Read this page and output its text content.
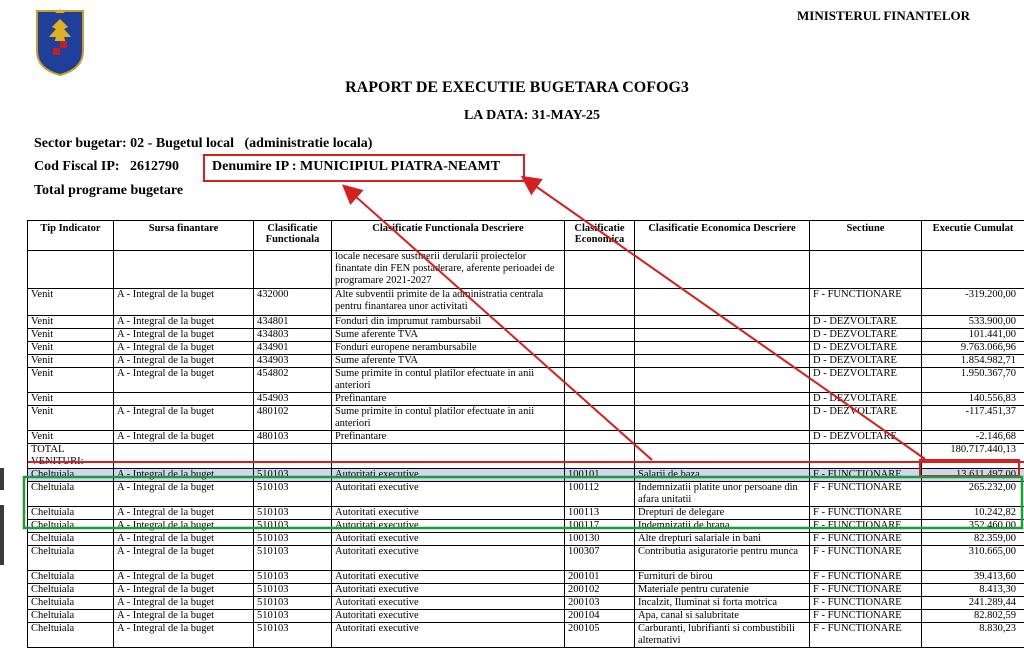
MINISTERUL FINANTELOR
RAPORT DE EXECUTIE BUGETARA COFOG3
LA DATA: 31-MAY-25
Sector bugetar: 02 - Bugetul local   (administratie locala)
Cod Fiscal IP:   2612790 Denumire IP : MUNICIPIUL PIATRA-NEAMT
Total programe bugetare
Tip Indicator	Sursa finantare	Clasificatie Functionala	Clasificatie Functionala Descriere	Clasificatie Economica	Clasificatie Economica Descriere	Sectiune	Executie Cumulat
			locale necesare sustinerii derularii proiectelor finantate din FEN postaderare, aferente perioadei de programare 2021-2027				
Venit	A - Integral de la buget	432000	Alte subventii primite de la administratia centrala pentru finantarea unor activitati			F - FUNCTIONARE	-319.200,00
Venit	A - Integral de la buget	434801	Fonduri din imprumut rambursabil			D - DEZVOLTARE	533.900,00
Venit	A - Integral de la buget	434803	Sume aferente TVA			D - DEZVOLTARE	101.441,00
Venit	A - Integral de la buget	434901	Fonduri europene nerambursabile			D - DEZVOLTARE	9.763.066,96
Venit	A - Integral de la buget	434903	Sume aferente TVA			D - DEZVOLTARE	1.854.982,71
Venit	A - Integral de la buget	454802	Sume primite in contul platilor efectuate in anii anteriori			D - DEZVOLTARE	1.950.367,70
Venit		454903	Prefinantare			D - DEZVOLTARE	140.556,83
Venit	A - Integral de la buget	480102	Sume primite in contul platilor efectuate in anii anteriori			D - DEZVOLTARE	-117.451,37
Venit	A - Integral de la buget	480103	Prefinantare			D - DEZVOLTARE	-2.146,68
TOTAL VENITURI:							180.717.440,13
Cheltuiala	A - Integral de la buget	510103	Autoritati executive	100101	Salarii de baza	F - FUNCTIONARE	13.611.497,00
Cheltuiala	A - Integral de la buget	510103	Autoritati executive	100112	Indemnizatii platite unor persoane din afara unitatii	F - FUNCTIONARE	265.232,00
Cheltuiala	A - Integral de la buget	510103	Autoritati executive	100113	Drepturi de delegare	F - FUNCTIONARE	10.242,82
Cheltuiala	A - Integral de la buget	510103	Autoritati executive	100117	Indemnizatii de hrana	F - FUNCTIONARE	352.460,00
Cheltuiala	A - Integral de la buget	510103	Autoritati executive	100130	Alte drepturi salariale in bani	F - FUNCTIONARE	82.359,00
Cheltuiala	A - Integral de la buget	510103	Autoritati executive	100307	Contributia asiguratorie pentru munca	F - FUNCTIONARE	310.665,00
Cheltuiala	A - Integral de la buget	510103	Autoritati executive	200101	Furnituri de birou	F - FUNCTIONARE	39.413,60
Cheltuiala	A - Integral de la buget	510103	Autoritati executive	200102	Materiale pentru curatenie	F - FUNCTIONARE	8.413,30
Cheltuiala	A - Integral de la buget	510103	Autoritati executive	200103	Incalzit, Iluminat si forta motrica	F - FUNCTIONARE	241.289,44
Cheltuiala	A - Integral de la buget	510103	Autoritati executive	200104	Apa, canal si salubritate	F - FUNCTIONARE	82.802,59
Cheltuiala	A - Integral de la buget	510103	Autoritati executive	200105	Carburanti, lubrifianti si combustibili alternativi	F - FUNCTIONARE	8.830,23
